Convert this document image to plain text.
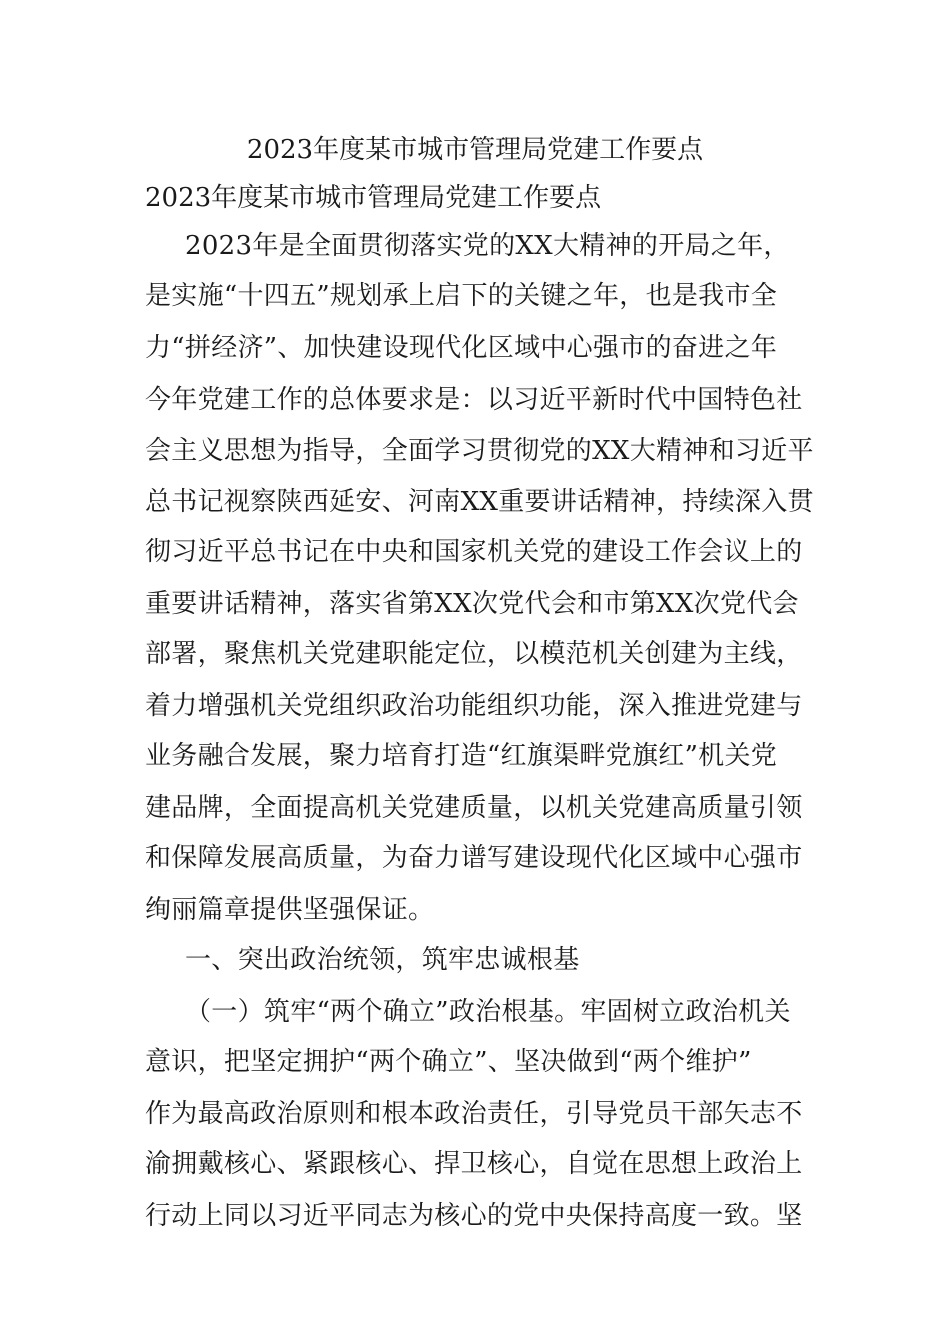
2023年度某市城市管理局党建工作要点
2023年度某市城市管理局党建工作要点
2023年是全面贯彻落实党的XX大精神的开局之年，
是实施“十四五”规划承上启下的关键之年，也是我市全
力“拼经济”、加快建设现代化区域中心强市的奋进之年
今年党建工作的总体要求是：以习近平新时代中国特色社
会主义思想为指导，全面学习贯彻党的XX大精神和习近平
总书记视察陕西延安、河南XX重要讲话精神，持续深入贯
彻习近平总书记在中央和国家机关党的建设工作会议上的
重要讲话精神，落实省第XX次党代会和市第XX次党代会
部署，聚焦机关党建职能定位，以模范机关创建为主线，
着力增强机关党组织政治功能组织功能，深入推进党建与
业务融合发展，聚力培育打造“红旗渠畔党旗红”机关党
建品牌，全面提高机关党建质量，以机关党建高质量引领
和保障发展高质量，为奋力谱写建设现代化区域中心强市
绚丽篇章提供坚强保证。
一、突出政治统领，筑牢忠诚根基
（一）筑牢“两个确立”政治根基。牢固树立政治机关
意识，把坚定拥护“两个确立”、坚决做到“两个维护”
作为最高政治原则和根本政治责任，引导党员干部矢志不
渝拥戴核心、紧跟核心、捍卫核心，自觉在思想上政治上
行动上同以习近平同志为核心的党中央保持高度一致。坚
